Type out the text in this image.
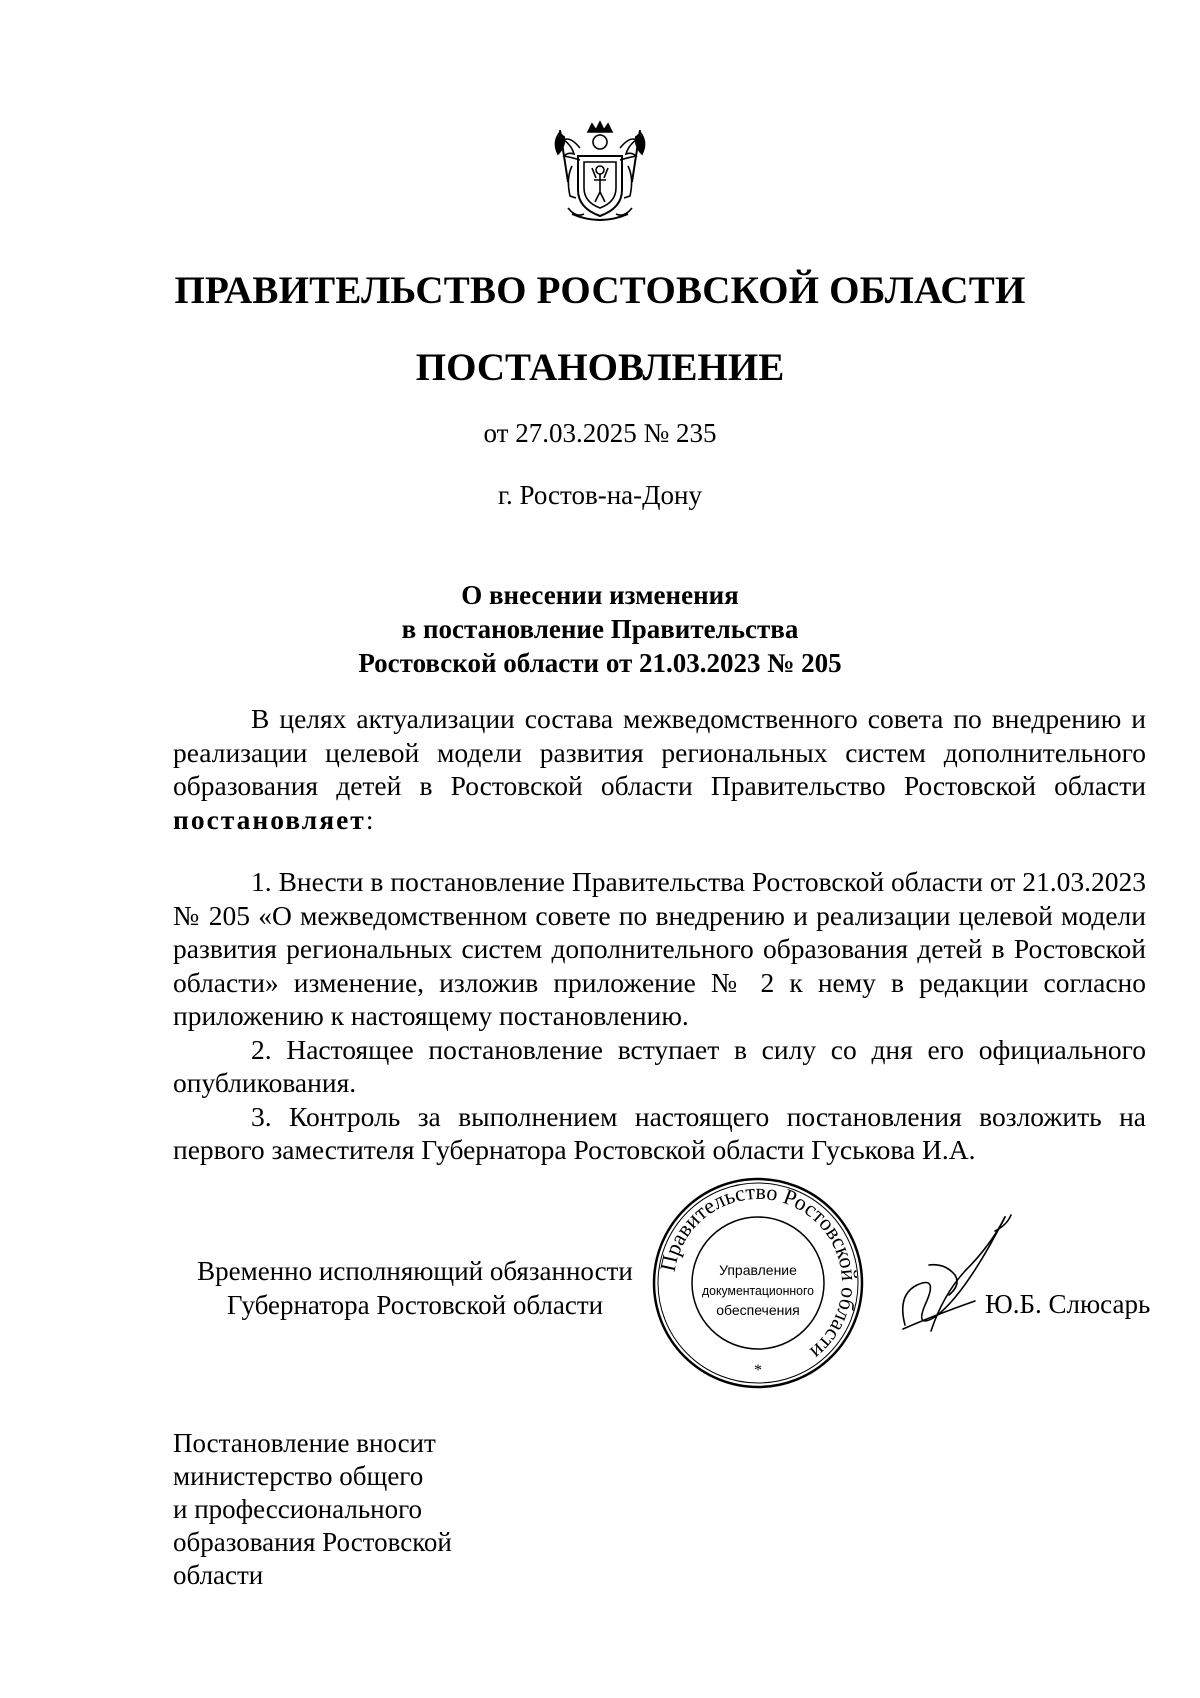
ПРАВИТЕЛЬСТВО РОСТОВСКОЙ ОБЛАСТИ
ПОСТАНОВЛЕНИЕ
от 27.03.2025 № 235
г. Ростов-на-Дону
О внесении изменения
в постановление Правительства
Ростовской области от 21.03.2023 № 205

В целях актуализации состава межведомственного совета по внедрению и реализации целевой модели развития региональных систем дополнительного образования детей в Ростовской области Правительство Ростовской области постановляет:

1. Внести в постановление Правительства Ростовской области от 21.03.2023 № 205 «О межведомственном совете по внедрению и реализации целевой модели развития региональных систем дополнительного образования детей в Ростовской области» изменение, изложив приложение № 2 к нему в редакции согласно приложению к настоящему постановлению.

2. Настоящее постановление вступает в силу со дня его официального опубликования.

3. Контроль за выполнением настоящего постановления возложить на первого заместителя Губернатора Ростовской области Гуськова И.А.

Временно исполняющий обязанности
Губернатора Ростовской области
Правительство Ростовской области
Управление
документационного
обеспечения
*
Ю.Б. Слюсарь
Постановление вносит
министерство общего
и профессионального
образования Ростовской
области
